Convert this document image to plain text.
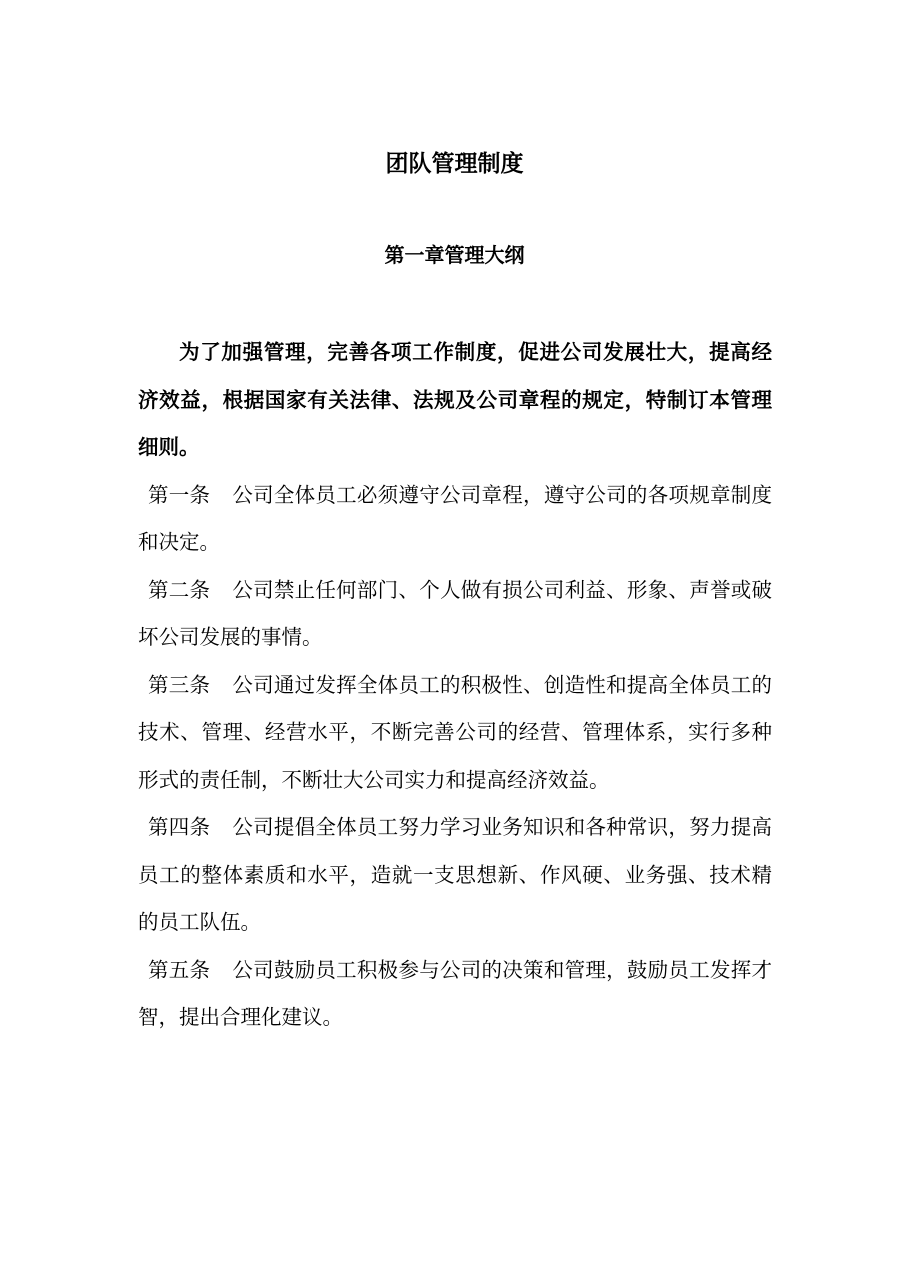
团队管理制度
第一章管理大纲

为了加强管理，完善各项工作制度，促进公司发展壮大，提高经济效益，根据国家有关法律、法规及公司章程的规定，特制订本管理细则。

第一条 公司全体员工必须遵守公司章程，遵守公司的各项规章制度和决定。

第二条 公司禁止任何部门、个人做有损公司利益、形象、声誉或破坏公司发展的事情。

第三条 公司通过发挥全体员工的积极性、创造性和提高全体员工的技术、管理、经营水平，不断完善公司的经营、管理体系，实行多种形式的责任制，不断壮大公司实力和提高经济效益。

第四条 公司提倡全体员工努力学习业务知识和各种常识，努力提高员工的整体素质和水平，造就一支思想新、作风硬、业务强、技术精的员工队伍。

第五条 公司鼓励员工积极参与公司的决策和管理，鼓励员工发挥才智，提出合理化建议。
